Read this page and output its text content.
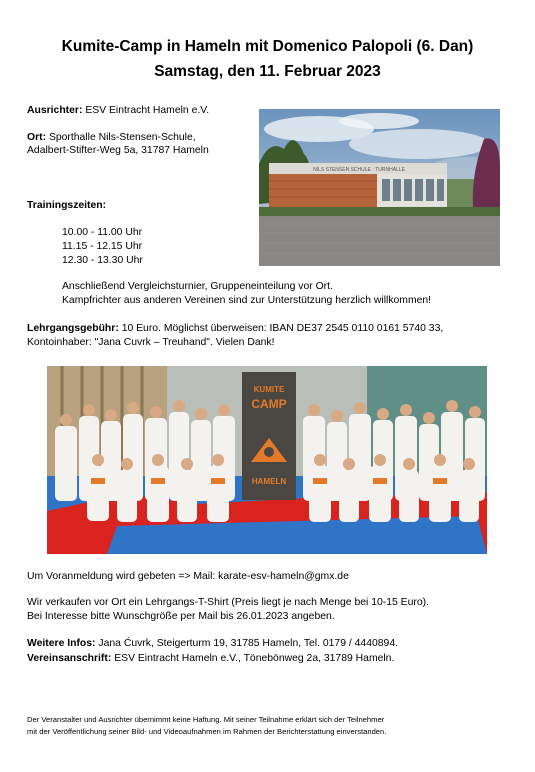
Kumite-Camp in Hameln mit Domenico Palopoli (6. Dan)
Samstag, den 11. Februar 2023
Ausrichter: ESV Eintracht Hameln e.V.
Ort: Sporthalle Nils-Stensen-Schule,
Adalbert-Stifter-Weg 5a, 31787 Hameln
NILS STENSEN SCHULE · TURNHALLE
Trainingszeiten:
10.00 - 11.00 Uhr
11.15 - 12.15 Uhr
12.30 - 13.30 Uhr
Anschließend Vergleichsturnier, Gruppeneinteilung vor Ort.
Kampfrichter aus anderen Vereinen sind zur Unterstützung herzlich willkommen!
Lehrgangsgebühr: 10 Euro. Möglichst überweisen: IBAN DE37 2545 0110 0161 5740 33,
Kontoinhaber: "Jana Cuvrk – Treuhand". Vielen Dank!
KUMITE
CAMP
HAMELN
Um Voranmeldung wird gebeten => Mail: karate-esv-hameln@gmx.de
Wir verkaufen vor Ort ein Lehrgangs-T-Shirt (Preis liegt je nach Menge bei 10-15 Euro).
Bei Interesse bitte Wunschgröße per Mail bis 26.01.2023 angeben.
Weitere Infos: Jana Ćuvrk, Steigerturm 19, 31785 Hameln, Tel. 0179 / 4440894.
Vereinsanschrift: ESV Eintracht Hameln e.V., Tönebönweg 2a, 31789 Hameln.
Der Veranstalter und Ausrichter übernimmt keine Haftung. Mit seiner Teilnahme erklärt sich der Teilnehmer
mit der Veröffentlichung seiner Bild- und Videoaufnahmen im Rahmen der Berichterstattung einverstanden.
